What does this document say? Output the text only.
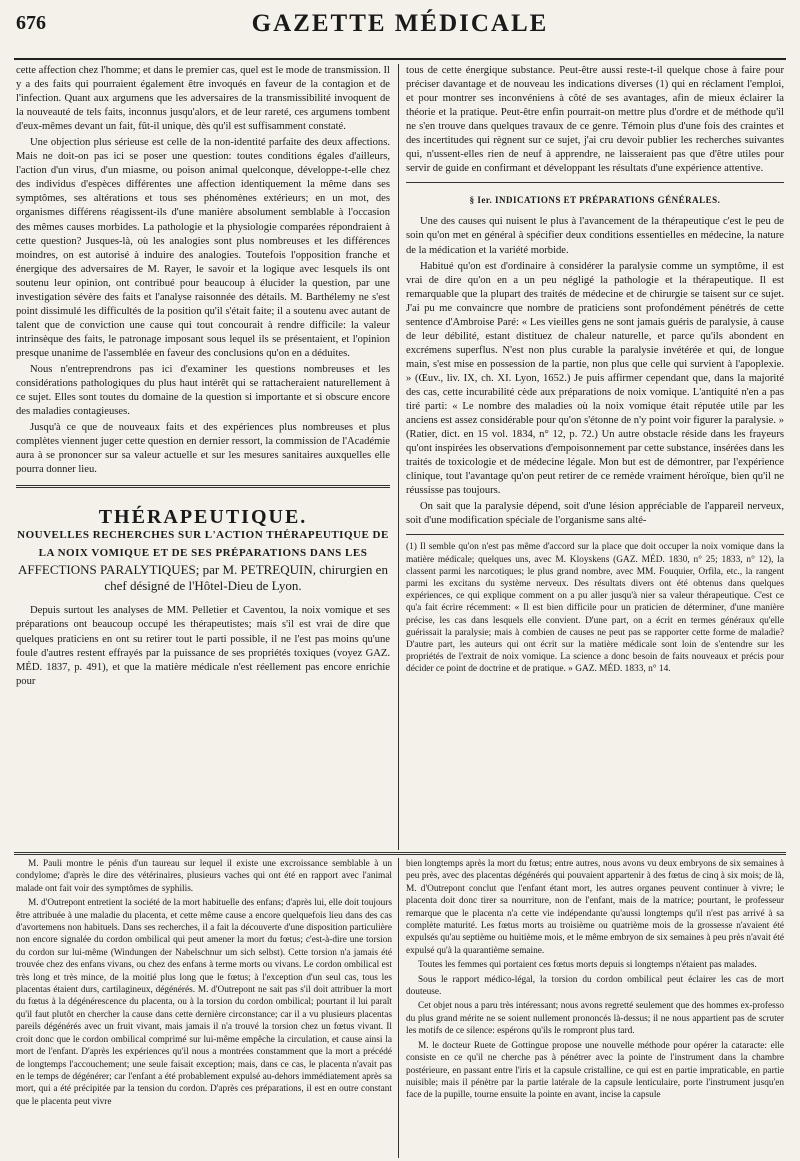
676	GAZETTE MÉDICALE

cette affection chez l'homme; et dans le premier cas, quel est le mode de transmission. Il y a des faits qui pourraient également être invoqués en faveur de la contagion et de l'infection. Quant aux argumens que les adversaires de la transmissibilité invoquent de la nouveauté de tels faits, inconnus jusqu'alors, et de leur rareté, ces argumens tombent d'eux-mêmes devant un fait, fût-il unique, dès qu'il est suffisamment constaté.

Une objection plus sérieuse est celle de la non-identité parfaite des deux affections. Mais ne doit-on pas ici se poser une question: toutes conditions égales d'ailleurs, l'action d'un virus, d'un miasme, ou poison animal quelconque, développe-t-elle chez des individus d'espèces différentes une affection identiquement la même dans ses symptômes, ses altérations et tous ses phénomènes extérieurs; en un mot, des organismes différens réagissent-ils d'une manière absolument semblable à l'occasion des mêmes causes morbides. La pathologie et la physiologie comparées répondraient à cette question? Jusques-là, où les analogies sont plus nombreuses et les différences moindres, on est autorisé à induire des analogies. Toutefois l'opposition franche et énergique des adversaires de M. Rayer, le savoir et la logique avec lesquels ils ont soutenu leur opinion, ont contribué pour beaucoup à élucider la question, par une investigation sévère des faits et l'analyse raisonnée des détails. M. Barthélemy ne s'est point dissimulé les difficultés de la position qu'il s'était faite; il a soutenu avec autant de talent que de conviction une cause qui tout concourait à rendre difficile: la valeur intrinsèque des faits, le patronage imposant sous lequel ils se présentaient, et l'opinion presque unanime de l'assemblée en faveur des conclusions qu'on en a déduites.

Nous n'entreprendrons pas ici d'examiner les questions nombreuses et les considérations pathologiques du plus haut intérêt qui se rattacheraient naturellement à ce sujet. Elles sont toutes du domaine de la question si importante et si obscure encore des maladies contagieuses.

Jusqu'à ce que de nouveaux faits et des expériences plus nombreuses et plus complètes viennent juger cette question en dernier ressort, la commission de l'Académie aura à se prononcer sur sa valeur actuelle et sur les mesures sanitaires auxquelles elle pourra donner lieu.

THÉRAPEUTIQUE.
NOUVELLES RECHERCHES SUR L'ACTION THÉRAPEUTIQUE DE
LA NOIX VOMIQUE ET DE SES PRÉPARATIONS DANS LES
AFFECTIONS PARALYTIQUES; par M. PETREQUIN, chirurgien en chef désigné de l'Hôtel-Dieu de Lyon.

Depuis surtout les analyses de MM. Pelletier et Caventou, la noix vomique et ses préparations ont beaucoup occupé les thérapeutistes; mais s'il est vrai de dire que quelques praticiens en ont su retirer tout le parti possible, il ne l'est pas moins qu'une foule d'autres restent effrayés par la puissance de ses propriétés toxiques (voyez GAZ. MÉD. 1837, p. 491), et que la matière médicale n'est réellement pas encore enrichie pour

tous de cette énergique substance. Peut-être aussi reste-t-il quelque chose à faire pour préciser davantage et de nouveau les indications diverses (1) qui en réclament l'emploi, et pour montrer ses inconvéniens à côté de ses avantages, afin de mieux éclairer la théorie et la pratique. Peut-être enfin pourrait-on mettre plus d'ordre et de méthode qu'il ne s'en trouve dans quelques travaux de ce genre. Témoin plus d'une fois des craintes et des incertitudes qui règnent sur ce sujet, j'ai cru devoir publier les recherches suivantes qui, n'ussent-elles rien de neuf à apprendre, ne laisseraient pas que d'être utiles pour servir de guide en confirmant et développant les résultats d'une expérience attentive.

§ Ier. INDICATIONS ET PRÉPARATIONS GÉNÉRALES.

Une des causes qui nuisent le plus à l'avancement de la thérapeutique c'est le peu de soin qu'on met en général à spécifier deux conditions essentielles en médecine, la nature de la médication et la variété morbide.

Habitué qu'on est d'ordinaire à considérer la paralysie comme un symptôme, il est vrai de dire qu'on en a un peu négligé la pathologie et la thérapeutique. Il est remarquable que la plupart des traités de médecine et de chirurgie se taisent sur ce sujet. J'ai pu me convaincre que nombre de praticiens sont profondément pénétrés de cette sentence d'Ambroise Paré: « Les vieilles gens ne sont jamais guéris de paralysie, à cause de leur débilité, estant distituez de chaleur naturelle, et parce qu'ils abondent en excrémens superflus. N'est non plus curable la paralysie invétérée et qui, de longue main, s'est mise en possession de la partie, non plus que celle qui survient à l'apoplexie. » (Œuv., liv. IX, ch. XI. Lyon, 1652.) Je puis affirmer cependant que, dans la majorité des cas, cette incurabilité cède aux préparations de noix vomique. L'antiquité n'en a pas tiré parti: « Le nombre des maladies où la noix vomique était réputée utile par les anciens est assez considérable pour qu'on s'étonne de n'y point voir figurer la paralysie. » (Ratier, dict. en 15 vol. 1834, n° 12, p. 72.) Un autre obstacle réside dans les frayeurs qu'ont inspirées les observations d'empoisonnement par cette substance, insérées dans les traités de toxicologie et de médecine légale. Mon but est de démontrer, par l'expérience clinique, tout l'avantage qu'on peut retirer de ce remède vraiment héroïque, bien qu'il ne réussisse pas toujours.

On sait que la paralysie dépend, soit d'une lésion appréciable de l'appareil nerveux, soit d'une modification spéciale de l'organisme sans alté-

(1) Il semble qu'on n'est pas même d'accord sur la place que doit occuper la noix vomique dans la matière médicale; quelques uns, avec M. Kloyskens (GAZ. MÉD. 1830, n° 25; 1833, n° 12), la classent parmi les narcotiques; le plus grand nombre, avec MM. Fouquier, Orfila, etc., la rangent parmi les excitans du système nerveux. Des résultats divers ont été obtenus dans quelques expériences, ce qui explique comment on a pu aller jusqu'à nier sa valeur thérapeutique. C'est ce qu'a fait écrire récemment: « Il est bien difficile pour un praticien de déterminer, d'une manière précise, les cas dans lesquels elle convient. D'une part, on a écrit en termes généraux qu'elle guérissait la paralysie; mais à combien de causes ne peut pas se rapporter cette forme de maladie? D'autre part, les auteurs qui ont écrit sur la matière médicale sont loin de s'entendre sur les propriétés de l'extrait de noix vomique. La science a donc besoin de faits nouveaux et précis pour décider ce point de doctrine et de pratique. » GAZ. MÉD. 1833, n° 14.

M. Pauli montre le pénis d'un taureau sur lequel il existe une excroissance semblable à un condylome; d'après le dire des vétérinaires, plusieurs vaches qui ont été en rapport avec l'animal malade ont fait voir des symptômes de syphilis.

M. d'Outrepont entretient la société de la mort habituelle des enfans; d'après lui, elle doit toujours être attribuée à une maladie du placenta, et cette même cause a encore quelquefois lieu dans des cas d'avortemens non habituels. Dans ses recherches, il a fait la découverte d'une disposition particulière non encore signalée du cordon ombilical qui peut amener la mort du fœtus; c'est-à-dire une torsion du cordon sur lui-même (Windungen der Nabelschnur um sich selbst). Cette torsion n'a jamais été trouvée chez des enfans vivans, ou chez des enfans à terme morts ou vivans. Le cordon ombilical est très long et très mince, de la moitié plus long que le fœtus; à l'exception d'un seul cas, tous les placentas étaient durs, cartilagineux, dégénérés. M. d'Outrepont ne sait pas s'il doit attribuer la mort du fœtus à la dégénérescence du placenta, ou à la torsion du cordon ombilical; pourtant il lui paraît qu'il faut plutôt en chercher la cause dans cette dernière circonstance; car il a vu plusieurs placentas pareils dégénérés avec un fruit vivant, mais jamais il n'a trouvé la torsion chez un fœtus vivant. Il croit donc que le cordon ombilical comprimé sur lui-même empêche la circulation, et cause ainsi la mort de l'enfant. D'après les expériences qu'il nous a montrées constamment que la mort a précédé de longtemps l'accouchement; une seule faisait exception; mais, dans ce cas, le placenta n'avait pas en le temps de dégénérer; car l'enfant a été probablement expulsé au-dehors immédiatement après sa mort, qui a été précipitée par la tension du cordon. D'après ces préparations, il est en outre constant que le placenta peut vivre

bien longtemps après la mort du fœtus; entre autres, nous avons vu deux embryons de six semaines à peu près, avec des placentas dégénérés qui pouvaient appartenir à des fœtus de cinq à six mois; de là, M. d'Outrepont conclut que l'enfant étant mort, les autres organes peuvent continuer à vivre; le placenta doit donc tirer sa nourriture, non de l'enfant, mais de la matrice; pourtant, le professeur remarque que le placenta n'a cette vie indépendante qu'aussi longtemps qu'il n'est pas arrivé à sa complète maturité. Les fœtus morts au troisième ou quatrième mois de la grossesse n'avaient été expulsés qu'au septième ou huitième mois, et le même embryon de six semaines à peu près n'avait été expulsé qu'à la quarantième semaine.

Toutes les femmes qui portaient ces fœtus morts depuis si longtemps n'étaient pas malades.

Sous le rapport médico-légal, la torsion du cordon ombilical peut éclairer les cas de mort douteuse.

Cet objet nous a paru très intéressant; nous avons regretté seulement que des hommes ex-professo du plus grand mérite ne se soient nullement prononcés là-dessus; il ne nous appartient pas de scruter les motifs de ce silence: espérons qu'ils le rompront plus tard.

M. le docteur Ruete de Gottingue propose une nouvelle méthode pour opérer la cataracte: elle consiste en ce qu'il ne cherche pas à pénétrer avec la pointe de l'instrument dans la chambre postérieure, en passant entre l'iris et la capsule cristalline, ce qui est en partie impraticable, en partie nuisible; mais il pénètre par la partie latérale de la capsule lenticulaire, porte l'instrument jusqu'en face de la pupille, tourne ensuite la pointe en avant, incise la capsule
